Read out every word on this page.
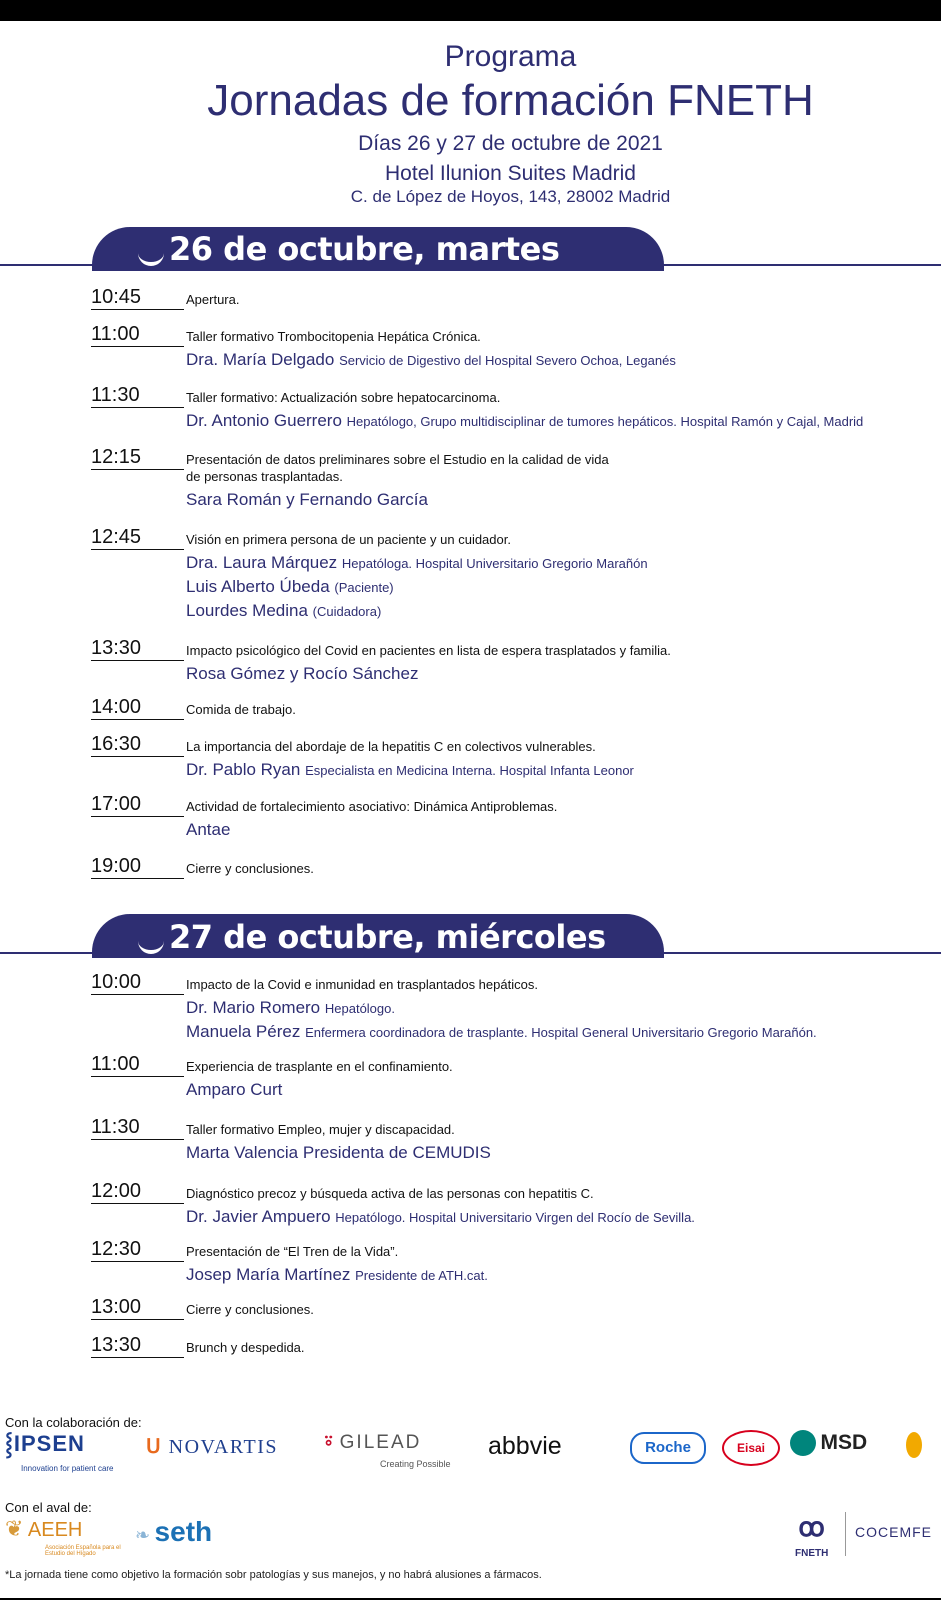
Programa
Jornadas de formación FNETH
Días 26 y 27 de octubre de 2021
Hotel Ilunion Suites Madrid
C. de López de Hoyos, 143, 28002 Madrid
26 de octubre, martes
27 de octubre, miércoles
10:45	Apertura.
11:00	Taller formativo Trombocitopenia Hepática Crónica.
Dra. María Delgado Servicio de Digestivo del Hospital Severo Ochoa, Leganés
11:30	Taller formativo: Actualización sobre hepatocarcinoma.
Dr. Antonio Guerrero Hepatólogo, Grupo multidisciplinar de tumores hepáticos. Hospital Ramón y Cajal, Madrid
12:15	Presentación de datos preliminares sobre el Estudio en la calidad de vida
de personas trasplantadas.
Sara Román y Fernando García
12:45	Visión en primera persona de un paciente y un cuidador.
Dra. Laura Márquez Hepatóloga. Hospital Universitario Gregorio Marañón
Luis Alberto Úbeda (Paciente)
Lourdes Medina (Cuidadora)
13:30	Impacto psicológico del Covid en pacientes en lista de espera trasplatados y familia.
Rosa Gómez y Rocío Sánchez
14:00	Comida de trabajo.
16:30	La importancia del abordaje de la hepatitis C en colectivos vulnerables.
Dr. Pablo Ryan Especialista en Medicina Interna. Hospital Infanta Leonor
17:00	Actividad de fortalecimiento asociativo: Dinámica Antiproblemas.
Antae
19:00	Cierre y conclusiones.
10:00	Impacto de la Covid e inmunidad en trasplantados hepáticos.
Dr. Mario Romero Hepatólogo.
Manuela Pérez Enfermera coordinadora de trasplante. Hospital General Universitario Gregorio Marañón.
11:00	Experiencia de trasplante en el confinamiento.
Amparo Curt
11:30	Taller formativo Empleo, mujer y discapacidad.
Marta Valencia Presidenta de CEMUDIS
12:00	Diagnóstico precoz y búsqueda activa de las personas con hepatitis C.
Dr. Javier Ampuero Hepatólogo. Hospital Universitario Virgen del Rocío de Sevilla.
12:30	Presentación de “El Tren de la Vida”.
Josep María Martínez Presidente de ATH.cat.
13:00	Cierre y conclusiones.
13:30	Brunch y despedida.
Con la colaboración de:
⸾IPSEN
Innovation for patient care
ᑌ NOVARTIS ⍤ GILEAD
Creating Possible
abbvie	Roche	Eisai	MSD
Con el aval de:
❦ AEEH
Asociación Española para el Estudio del Hígado
❧ seth	ꝏ
FNETH
COCEMFE
*La jornada tiene como objetivo la formación sobr patologías y sus manejos, y no habrá alusiones a fármacos.
